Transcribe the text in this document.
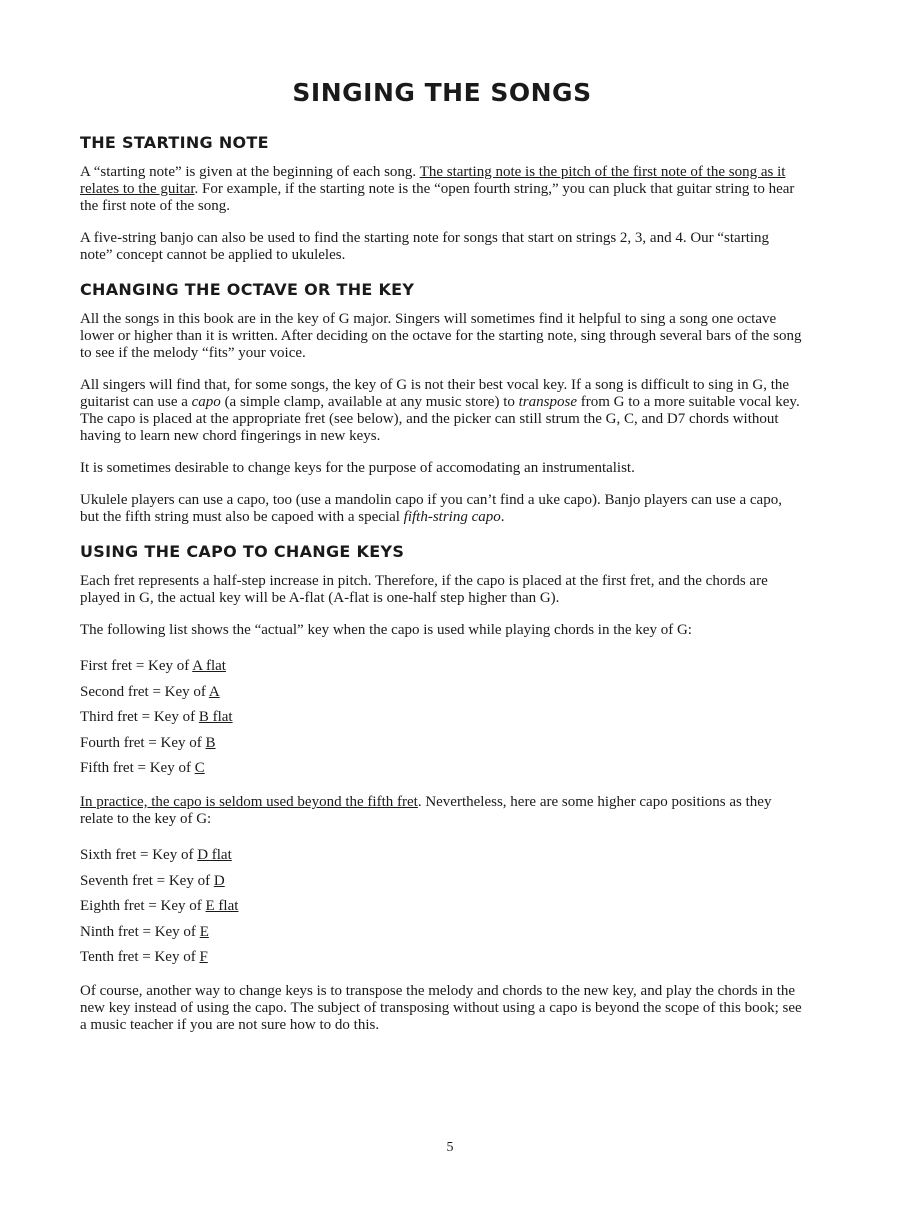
SINGING THE SONGS
THE STARTING NOTE

A “starting note” is given at the beginning of each song. The starting note is the pitch of the first note of the song as it relates to the guitar. For example, if the starting note is the “open fourth string,” you can pluck that guitar string to hear the first note of the song.

A five-string banjo can also be used to find the starting note for songs that start on strings 2, 3, and 4. Our “starting note” concept cannot be applied to ukuleles.

CHANGING THE OCTAVE OR THE KEY

All the songs in this book are in the key of G major. Singers will sometimes find it helpful to sing a song one octave lower or higher than it is written. After deciding on the octave for the starting note, sing through several bars of the song to see if the melody “fits” your voice.

All singers will find that, for some songs, the key of G is not their best vocal key. If a song is difficult to sing in G, the guitarist can use a capo (a simple clamp, available at any music store) to transpose from G to a more suitable vocal key. The capo is placed at the appropriate fret (see below), and the picker can still strum the G, C, and D7 chords without having to learn new chord fingerings in new keys.

It is sometimes desirable to change keys for the purpose of accomodating an instrumentalist.

Ukulele players can use a capo, too (use a mandolin capo if you can’t find a uke capo). Banjo players can use a capo, but the fifth string must also be capoed with a special fifth-string capo.

USING THE CAPO TO CHANGE KEYS

Each fret represents a half-step increase in pitch. Therefore, if the capo is placed at the first fret, and the chords are played in G, the actual key will be A-flat (A-flat is one-half step higher than G).

The following list shows the “actual” key when the capo is used while playing chords in the key of G:

First fret = Key of A flat
Second fret = Key of A
Third fret = Key of B flat
Fourth fret = Key of B
Fifth fret = Key of C

In practice, the capo is seldom used beyond the fifth fret. Nevertheless, here are some higher capo positions as they relate to the key of G:

Sixth fret = Key of D flat
Seventh fret = Key of D
Eighth fret = Key of E flat
Ninth fret = Key of E
Tenth fret = Key of F

Of course, another way to change keys is to transpose the melody and chords to the new key, and play the chords in the new key instead of using the capo. The subject of transposing without using a capo is beyond the scope of this book; see a music teacher if you are not sure how to do this.

5
